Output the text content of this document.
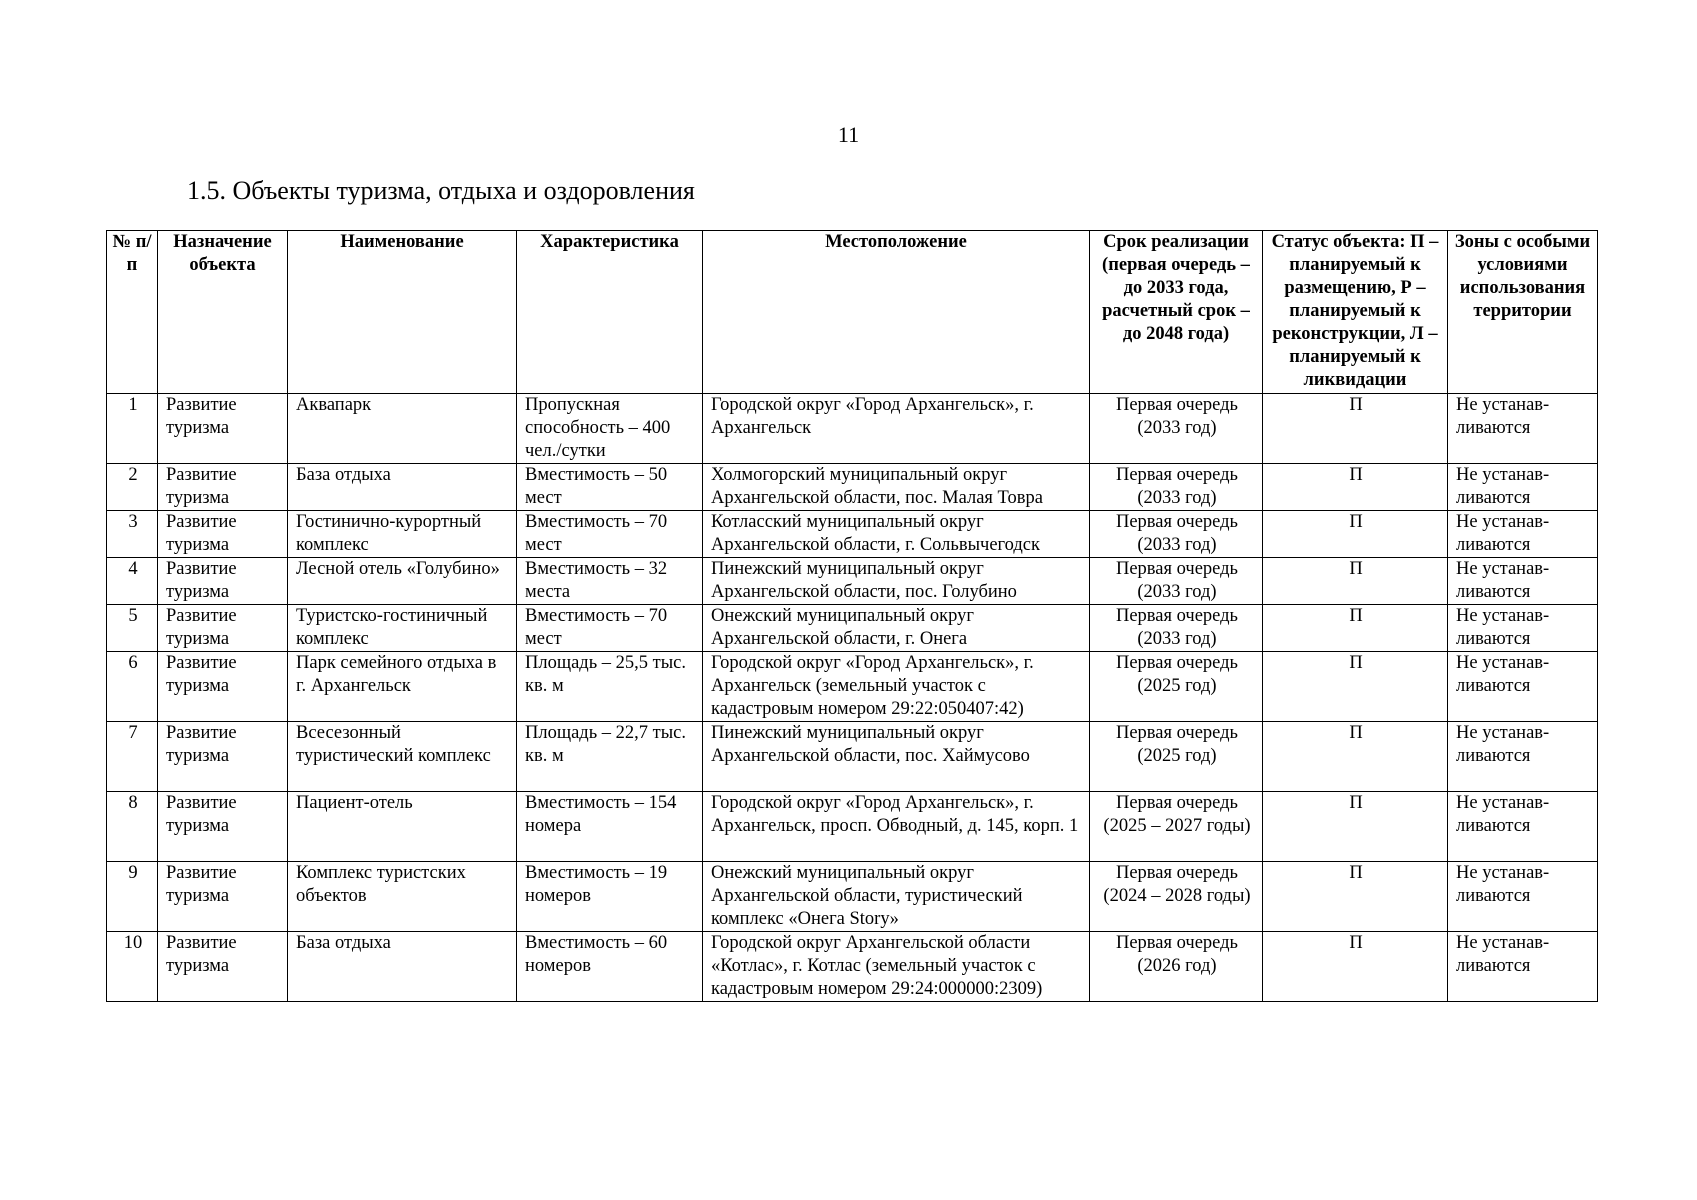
11
1.5. Объекты туризма, отдыха и оздоровления
№ п/п	Назначение объекта	Наименование	Характеристика	Местоположение	Срок реализации (первая очередь – до 2033 года, расчетный срок – до 2048 года)	Статус объекта: П – планируемый к размещению, Р – планируемый к реконструкции, Л – планируемый к ликвидации	Зоны с особыми условиями использования территории
1	Развитие туризма	Аквапарк	Пропускная способность – 400 чел./сутки	Городской округ «Город Архангельск», г. Архангельск	Первая очередь (2033 год)	П	Не устанав-ливаются
2	Развитие туризма	База отдыха	Вместимость – 50 мест	Холмогорский муниципальный округ Архангельской области, пос. Малая Товра	Первая очередь (2033 год)	П	Не устанав-ливаются
3	Развитие туризма	Гостинично-курортный комплекс	Вместимость – 70 мест	Котласский муниципальный округ Архангельской области, г. Сольвычегодск	Первая очередь (2033 год)	П	Не устанав-ливаются
4	Развитие туризма	Лесной отель «Голубино»	Вместимость – 32 места	Пинежский муниципальный округ Архангельской области, пос. Голубино	Первая очередь (2033 год)	П	Не устанав-ливаются
5	Развитие туризма	Туристско-гостиничный комплекс	Вместимость – 70 мест	Онежский муниципальный округ Архангельской области, г. Онега	Первая очередь (2033 год)	П	Не устанав-ливаются
6	Развитие туризма	Парк семейного отдыха в г. Архангельск	Площадь – 25,5 тыс. кв. м	Городской округ «Город Архангельск», г. Архангельск (земельный участок с кадастровым номером 29:22:050407:42)	Первая очередь (2025 год)	П	Не устанав-ливаются
7	Развитие туризма	Всесезонный туристический комплекс	Площадь – 22,7 тыс. кв. м	Пинежский муниципальный округ Архангельской области, пос. Хаймусово	Первая очередь (2025 год)	П	Не устанав-ливаются
8	Развитие туризма	Пациент-отель	Вместимость – 154 номера	Городской округ «Город Архангельск», г. Архангельск, просп. Обводный, д. 145, корп. 1	Первая очередь (2025 – 2027 годы)	П	Не устанав-ливаются
9	Развитие туризма	Комплекс туристских объектов	Вместимость – 19 номеров	Онежский муниципальный округ Архангельской области, туристический комплекс «Онега Story»	Первая очередь (2024 – 2028 годы)	П	Не устанав-ливаются
10	Развитие туризма	База отдыха	Вместимость – 60 номеров	Городской округ Архангельской области «Котлас», г. Котлас (земельный участок с кадастровым номером 29:24:000000:2309)	Первая очередь (2026 год)	П	Не устанав-ливаются
